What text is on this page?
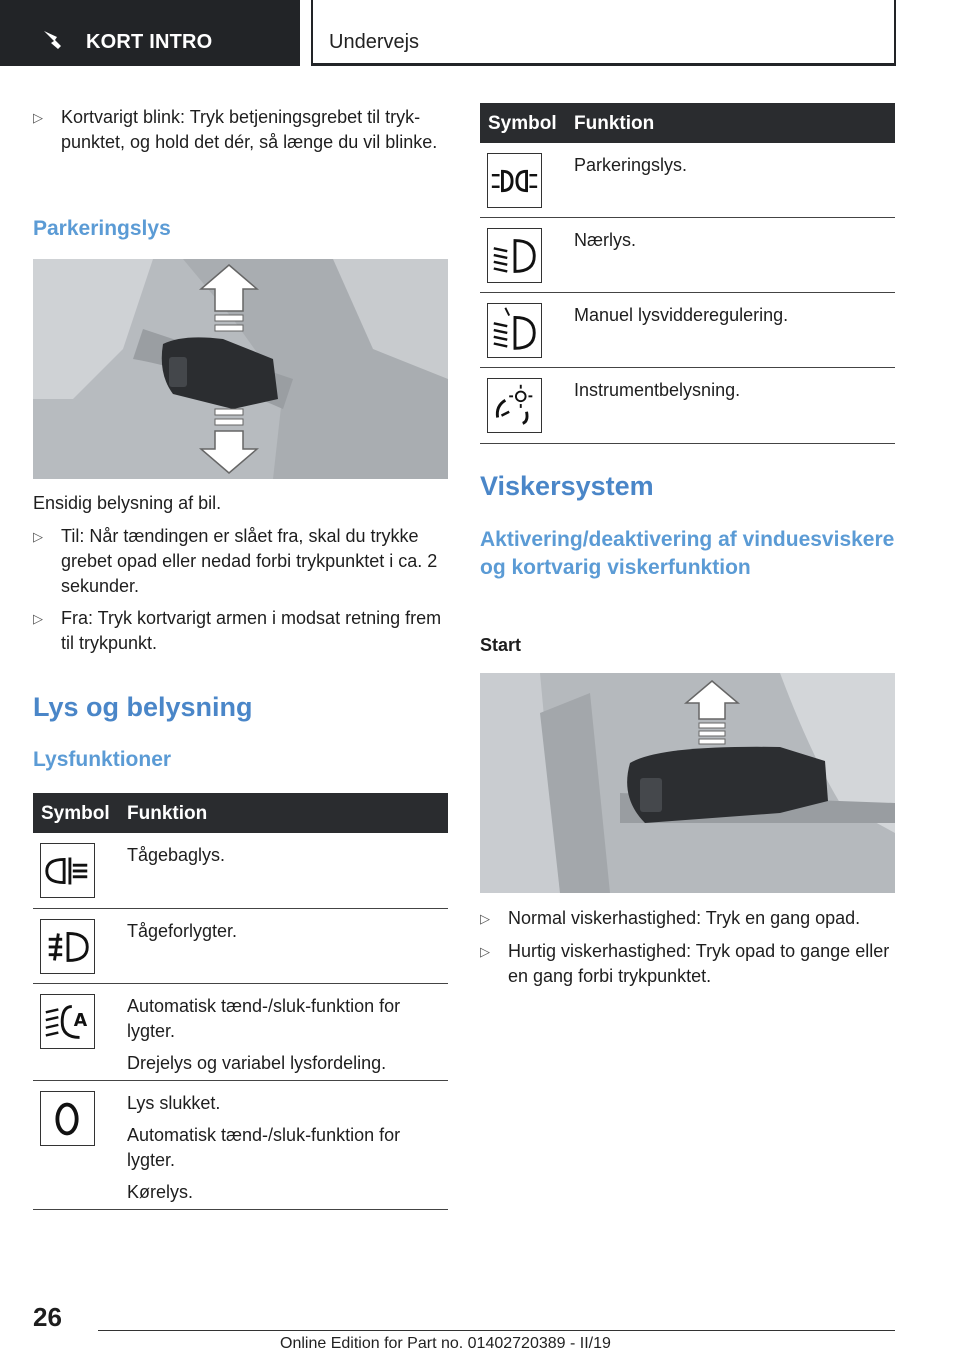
KORT INTRO	Undervejs
▷ Kortvarigt blink: Tryk betjeningsgrebet til trykpunktet, og hold det dér, så længe du vil blinke.
Parkeringslys
Ensidig belysning af bil.
▷ Til: Når tændingen er slået fra, skal du trykke grebet opad eller nedad forbi trykpunktet i ca. 2 sekunder.
▷ Fra: Tryk kortvarigt armen i modsat retning frem til trykpunkt.
Lys og belysning
Lysfunktioner
Symbol Funktion

Tågebaglys.

Tågeforlygter.

A

Automatisk tænd-/sluk-funktion for lygter.

Drejelys og variabel lysfordeling.

Lys slukket.

Automatisk tænd-/sluk-funktion for lygter.

Kørelys.

Symbol Funktion

Parkeringslys.

Nærlys.

Manuel lysvidderegulering.

Instrumentbelysning.

Viskersystem
Aktivering/deaktivering af vinduesviskere og kortvarig viskerfunktion
Start
▷ Normal viskerhastighed: Tryk en gang opad.
▷ Hurtig viskerhastighed: Tryk opad to gange eller en gang forbi trykpunktet.
26
Online Edition for Part no. 01402720389 - II/19
